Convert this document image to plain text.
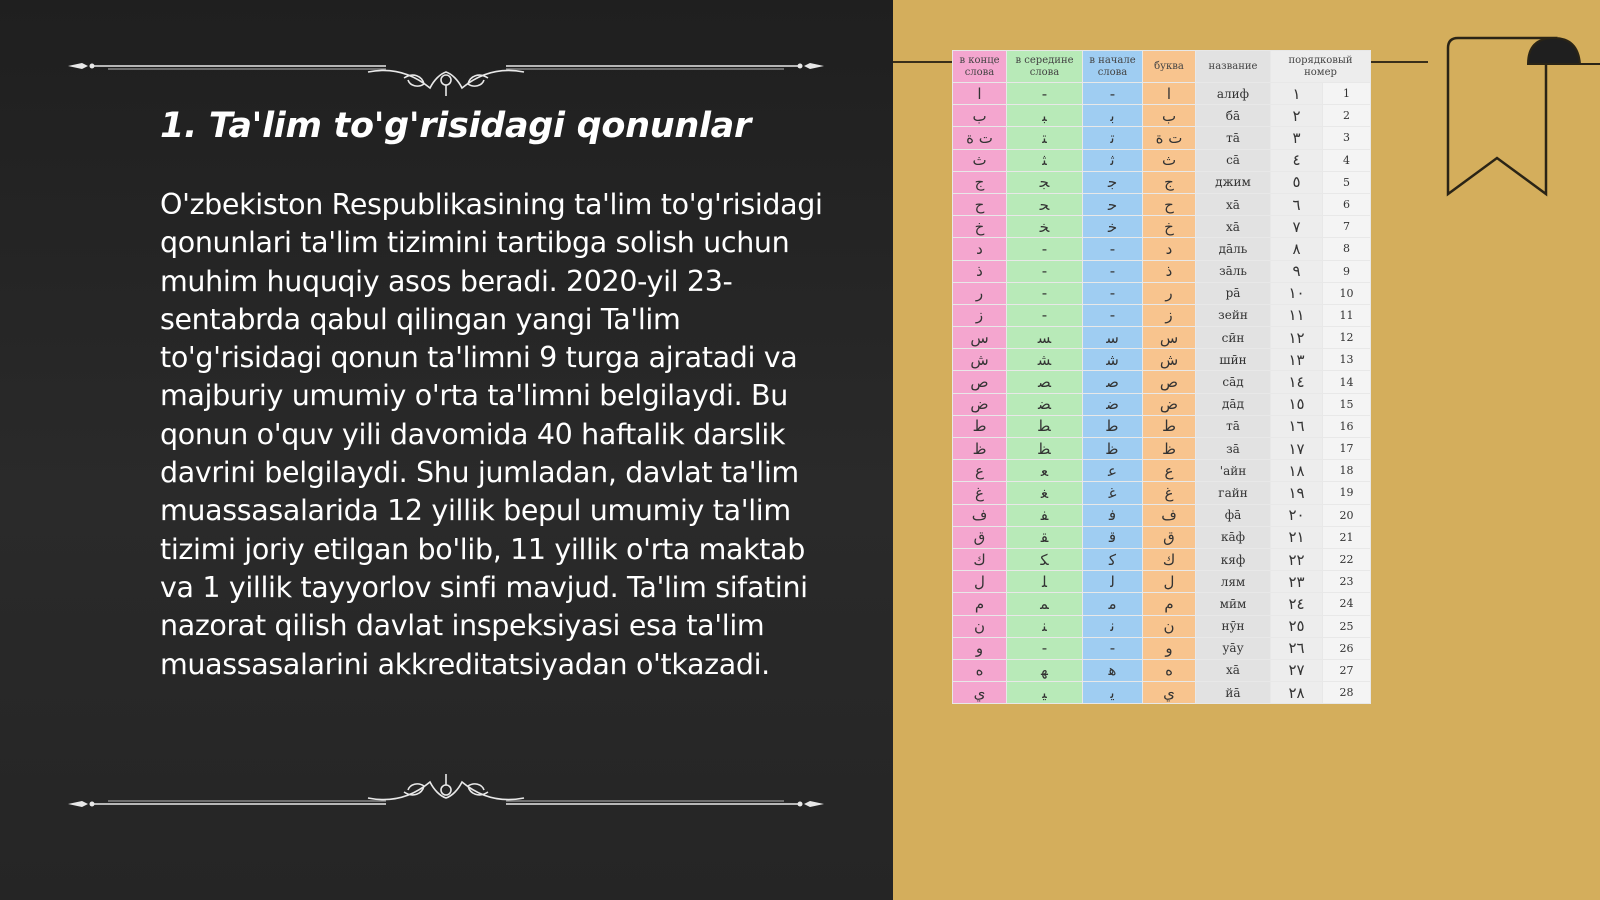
1. Ta'lim to'g'risidagi qonunlar

O'zbekiston Respublikasining ta'lim to'g'risidagi qonunlari ta'lim tizimini tartibga solish uchun muhim huquqiy asos beradi. 2020-yil 23-sentabrda qabul qilingan yangi Ta'lim to'g'risidagi qonun ta'limni 9 turga ajratadi va majburiy umumiy o'rta ta'limni belgilaydi. Bu qonun o'quv yili davomida 40 haftalik darslik davrini belgilaydi. Shu jumladan, davlat ta'lim muassasalarida 12 yillik bepul umumiy ta'lim tizimi joriy etilgan bo'lib, 11 yillik o'rta maktab va 1 yillik tayyorlov sinfi mavjud. Ta'lim sifatini nazorat qilish davlat inspeksiyasi esa ta'lim muassasalarini akkreditatsiyadan o'tkazadi.

в конце слова	в середине слова	в начале слова	буква	название	порядковый номер	
ا	-	-	ا	алиф	١	1
ب	ﺒ	ﺑ	ب	бā	٢	2
ت ة	ﺘ	ﺗ	ت ة	тā	٣	3
ث	ﺜ	ﺛ	ث	сā	٤	4
ج	ﺠ	ﺟ	ج	джим	٥	5
ح	ﺤ	ﺣ	ح	хā	٦	6
خ	ﺨ	ﺧ	خ	хā	٧	7
د	-	-	د	дāль	٨	8
ذ	-	-	ذ	зāль	٩	9
ر	-	-	ر	рā	١٠	10
ز	-	-	ز	зейн	١١	11
س	ﺴ	ﺳ	س	сӣн	١٢	12
ش	ﺸ	ﺷ	ش	шӣн	١٣	13
ص	ﺼ	ﺻ	ص	сāд	١٤	14
ض	ﻀ	ﺿ	ض	дāд	١٥	15
ط	ﻄ	ﻃ	ط	тā	١٦	16
ظ	ﻈ	ﻇ	ظ	зā	١٧	17
ع	ﻌ	ﻋ	ع	'айн	١٨	18
غ	ﻐ	ﻏ	غ	гайн	١٩	19
ف	ﻔ	ﻓ	ف	фā	٢٠	20
ق	ﻘ	ﻗ	ق	кāф	٢١	21
ك	ﻜ	ﻛ	ك	кяф	٢٢	22
ل	ﻠ	ﻟ	ل	лям	٢٣	23
م	ﻤ	ﻣ	م	мӣм	٢٤	24
ن	ﻨ	ﻧ	ن	нӯн	٢٥	25
و	-	-	و	уāу	٢٦	26
ه	ﻬ	ﻫ	ه	хā	٢٧	27
ي	ﻴ	ﻳ	ي	йā	٢٨	28
